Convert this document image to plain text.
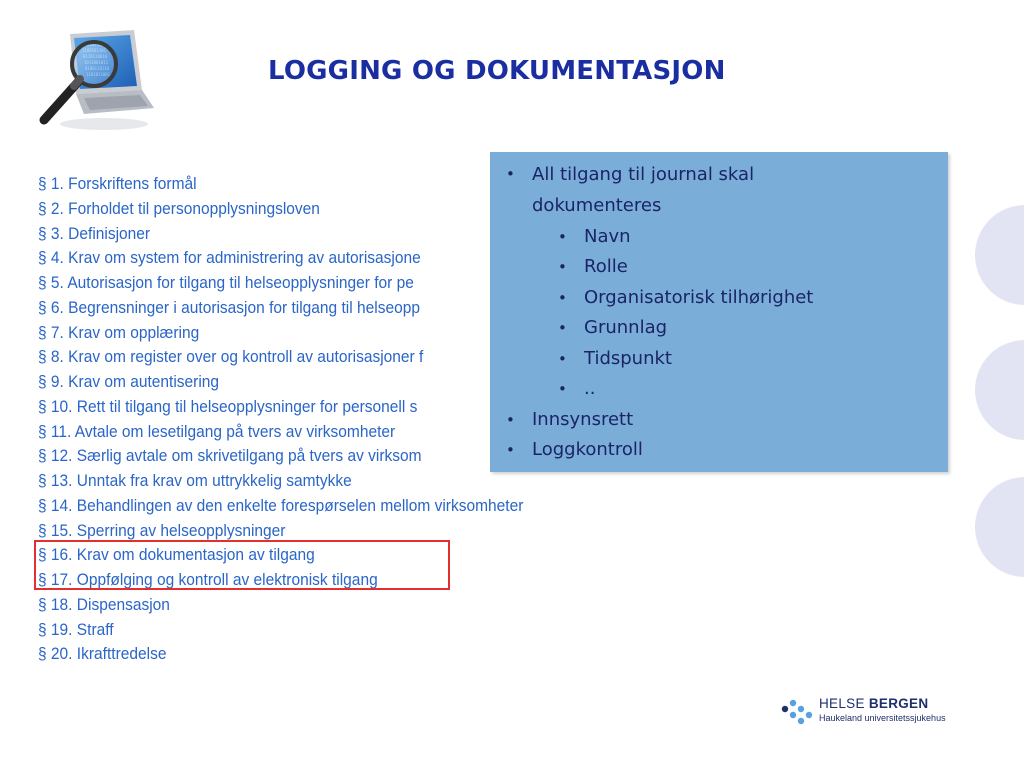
LOGGING OG DOKUMENTASJON
§ 1. Forskriftens formål
§ 2. Forholdet til personopplysningsloven
§ 3. Definisjoner
§ 4. Krav om system for administrering av autorisasjone
§ 5. Autorisasjon for tilgang til helseopplysninger for pe
§ 6. Begrensninger i autorisasjon for tilgang til helseopp
§ 7. Krav om opplæring
§ 8. Krav om register over og kontroll av autorisasjoner f
§ 9. Krav om autentisering
§ 10. Rett til tilgang til helseopplysninger for personell s
§ 11. Avtale om lesetilgang på tvers av virksomheter
§ 12. Særlig avtale om skrivetilgang på tvers av virksom
§ 13. Unntak fra krav om uttrykkelig samtykke
§ 14. Behandlingen av den enkelte forespørselen mellom virksomheter
§ 15. Sperring av helseopplysninger
§ 16. Krav om dokumentasjon av tilgang
§ 17. Oppfølging og kontroll av elektronisk tilgang
§ 18. Dispensasjon
§ 19. Straff
§ 20. Ikrafttredelse
• All tilgang til journal skal dokumenteres
• Navn
• Rolle
• Organisatorisk tilhørighet
• Grunnlag
• Tidspunkt
• ..
• Innsynsrett
• Loggkontroll
HELSE BERGEN
Haukeland universitetssjukehus
